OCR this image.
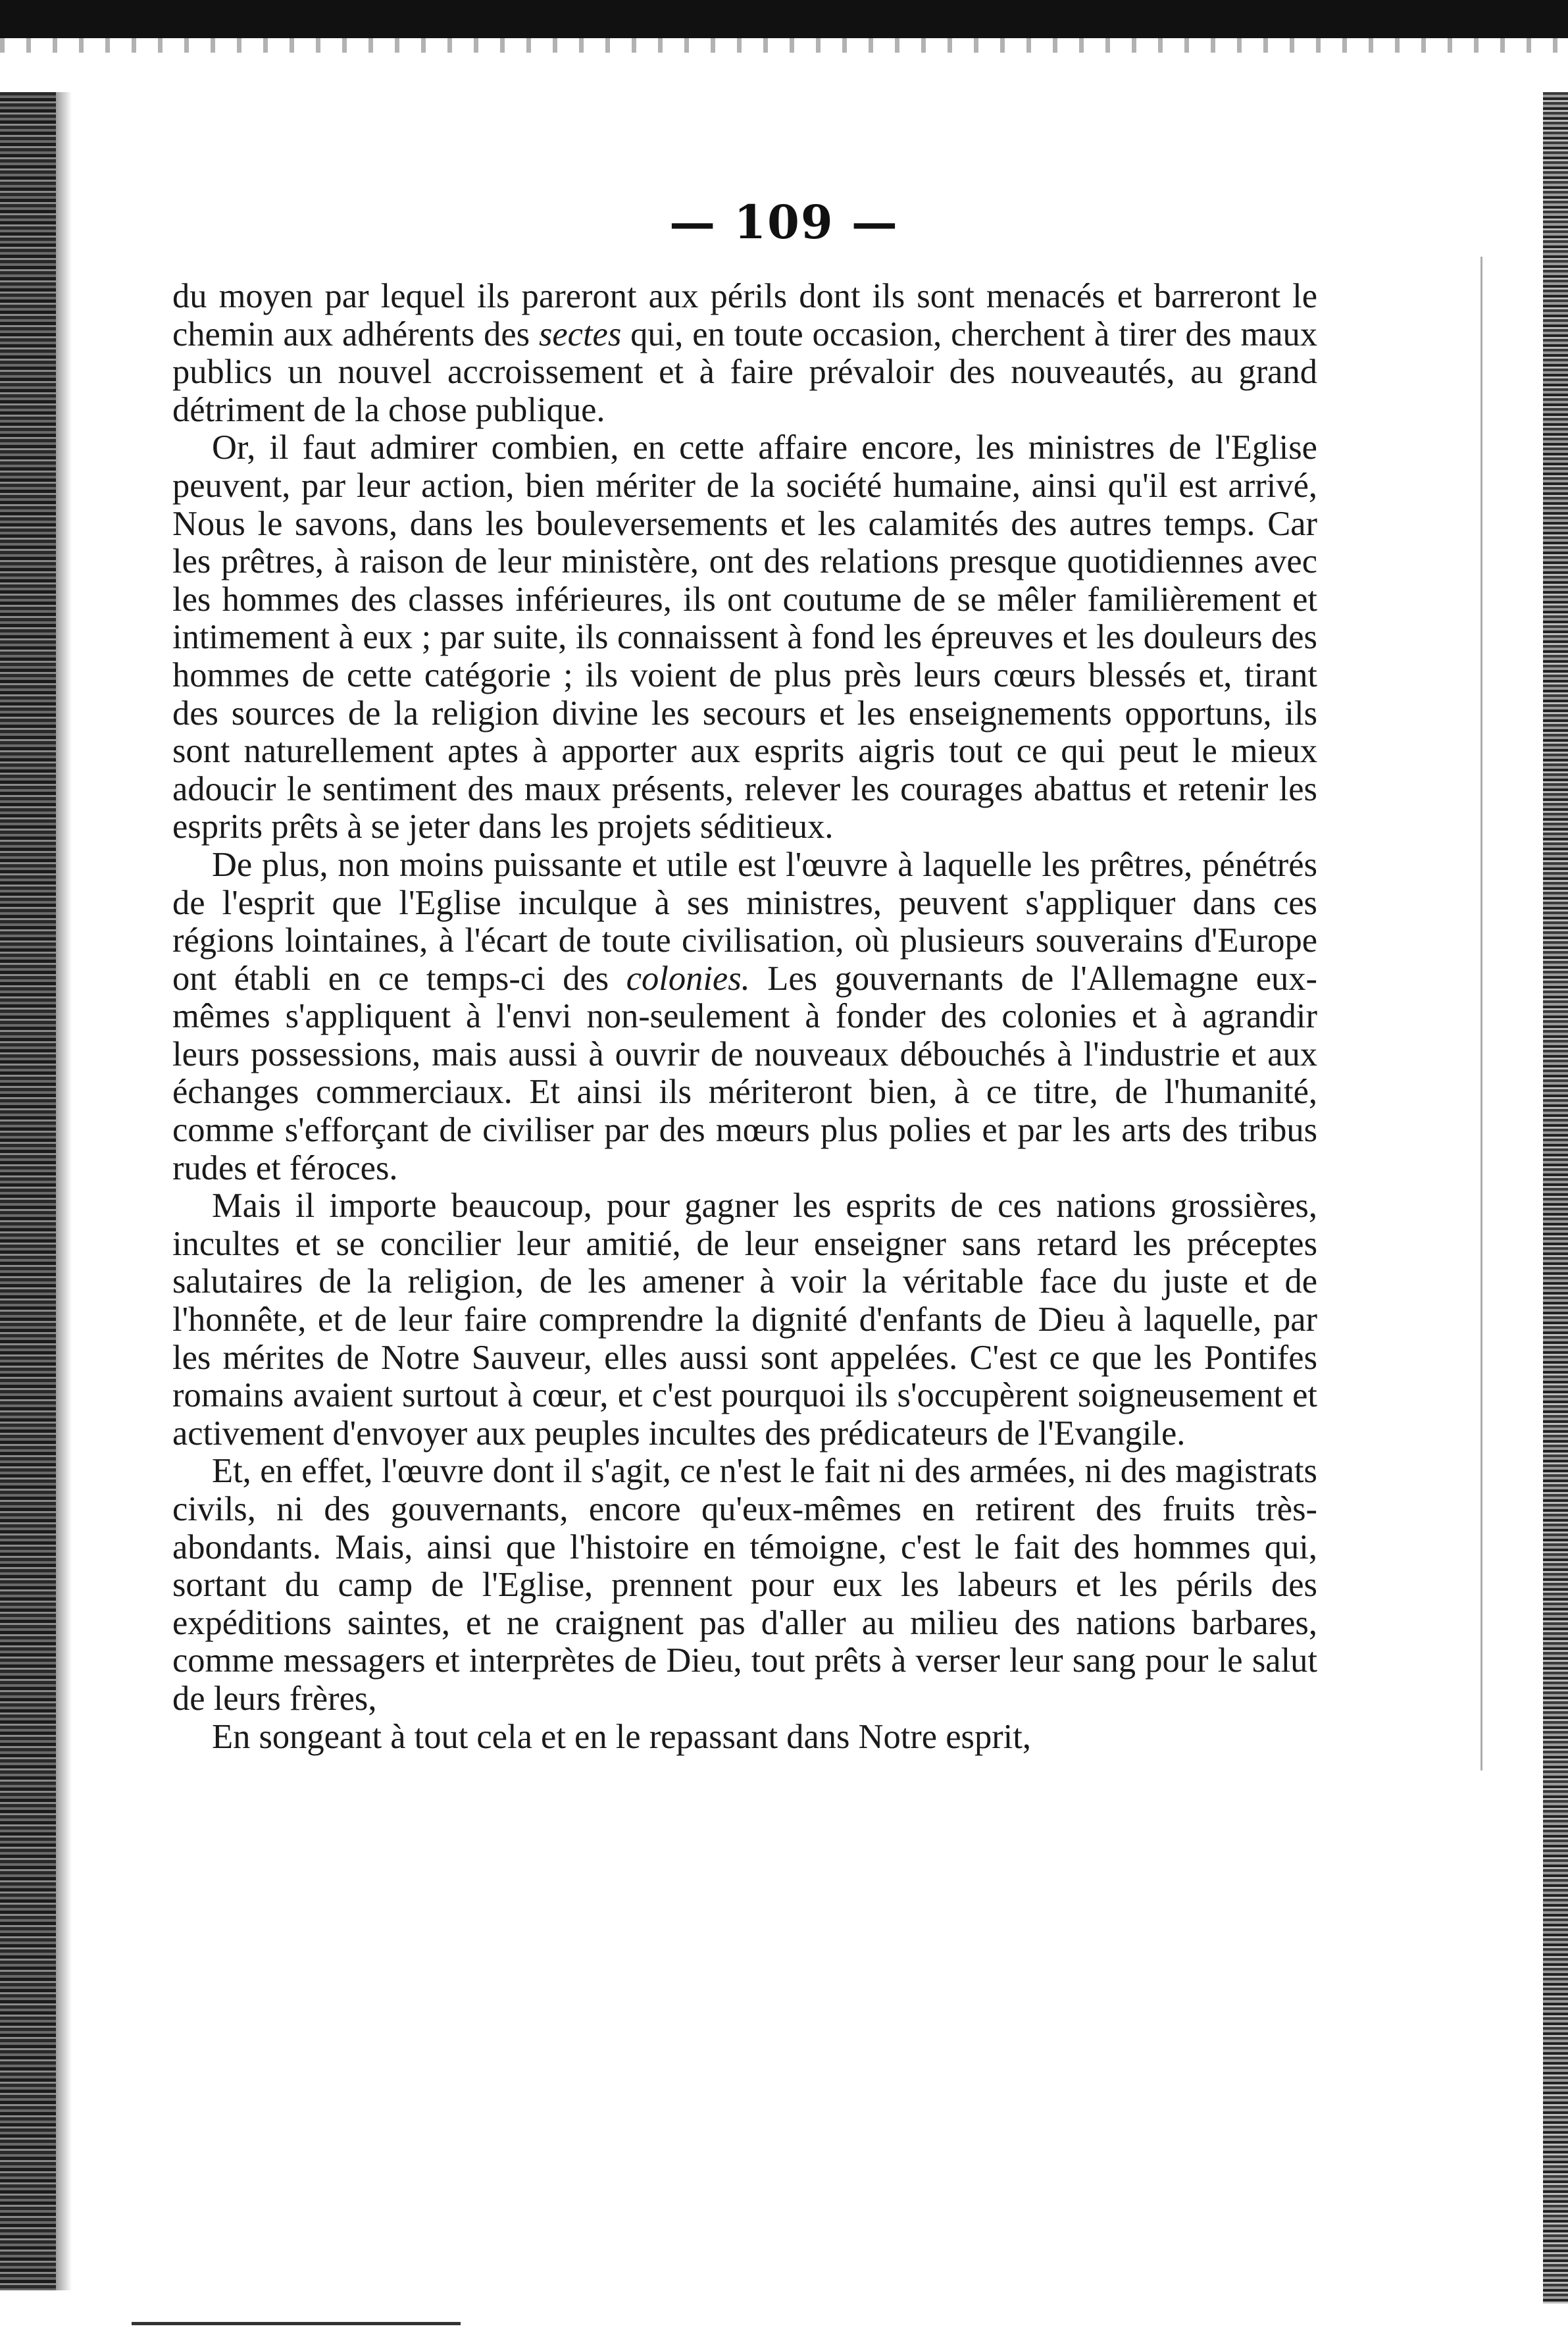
— 109 —

du moyen par lequel ils pareront aux périls dont ils sont menacés et barreront le chemin aux adhérents des sectes qui, en toute occasion, cherchent à tirer des maux publics un nouvel accroissement et à faire prévaloir des nouveautés, au grand détriment de la chose publique.

Or, il faut admirer combien, en cette affaire encore, les ministres de l'Eglise peuvent, par leur action, bien mériter de la société humaine, ainsi qu'il est arrivé, Nous le savons, dans les bouleversements et les calamités des autres temps. Car les prêtres, à raison de leur ministère, ont des relations presque quotidiennes avec les hommes des classes inférieures, ils ont coutume de se mêler familièrement et intimement à eux ; par suite, ils connaissent à fond les épreuves et les douleurs des hommes de cette catégorie ; ils voient de plus près leurs cœurs blessés et, tirant des sources de la religion divine les secours et les enseignements opportuns, ils sont naturellement aptes à apporter aux esprits aigris tout ce qui peut le mieux adoucir le sentiment des maux présents, relever les courages abattus et retenir les esprits prêts à se jeter dans les projets séditieux.

De plus, non moins puissante et utile est l'œuvre à laquelle les prêtres, pénétrés de l'esprit que l'Eglise inculque à ses ministres, peuvent s'appliquer dans ces régions lointaines, à l'écart de toute civilisation, où plusieurs souverains d'Europe ont établi en ce temps-ci des colonies. Les gouvernants de l'Allemagne eux-mêmes s'appliquent à l'envi non-seulement à fonder des colonies et à agrandir leurs possessions, mais aussi à ouvrir de nouveaux débouchés à l'industrie et aux échanges commerciaux. Et ainsi ils mériteront bien, à ce titre, de l'humanité, comme s'efforçant de civiliser par des mœurs plus polies et par les arts des tribus rudes et féroces.

Mais il importe beaucoup, pour gagner les esprits de ces nations grossières, incultes et se concilier leur amitié, de leur enseigner sans retard les préceptes salutaires de la religion, de les amener à voir la véritable face du juste et de l'honnête, et de leur faire comprendre la dignité d'enfants de Dieu à laquelle, par les mérites de Notre Sauveur, elles aussi sont appelées. C'est ce que les Pontifes romains avaient surtout à cœur, et c'est pourquoi ils s'occupèrent soigneusement et activement d'envoyer aux peuples incultes des prédicateurs de l'Evangile.

Et, en effet, l'œuvre dont il s'agit, ce n'est le fait ni des armées, ni des magistrats civils, ni des gouvernants, encore qu'eux-mêmes en retirent des fruits très-abondants. Mais, ainsi que l'histoire en témoigne, c'est le fait des hommes qui, sortant du camp de l'Eglise, prennent pour eux les labeurs et les périls des expéditions saintes, et ne craignent pas d'aller au milieu des nations barbares, comme messagers et interprètes de Dieu, tout prêts à verser leur sang pour le salut de leurs frères,

En songeant à tout cela et en le repassant dans Notre esprit,
